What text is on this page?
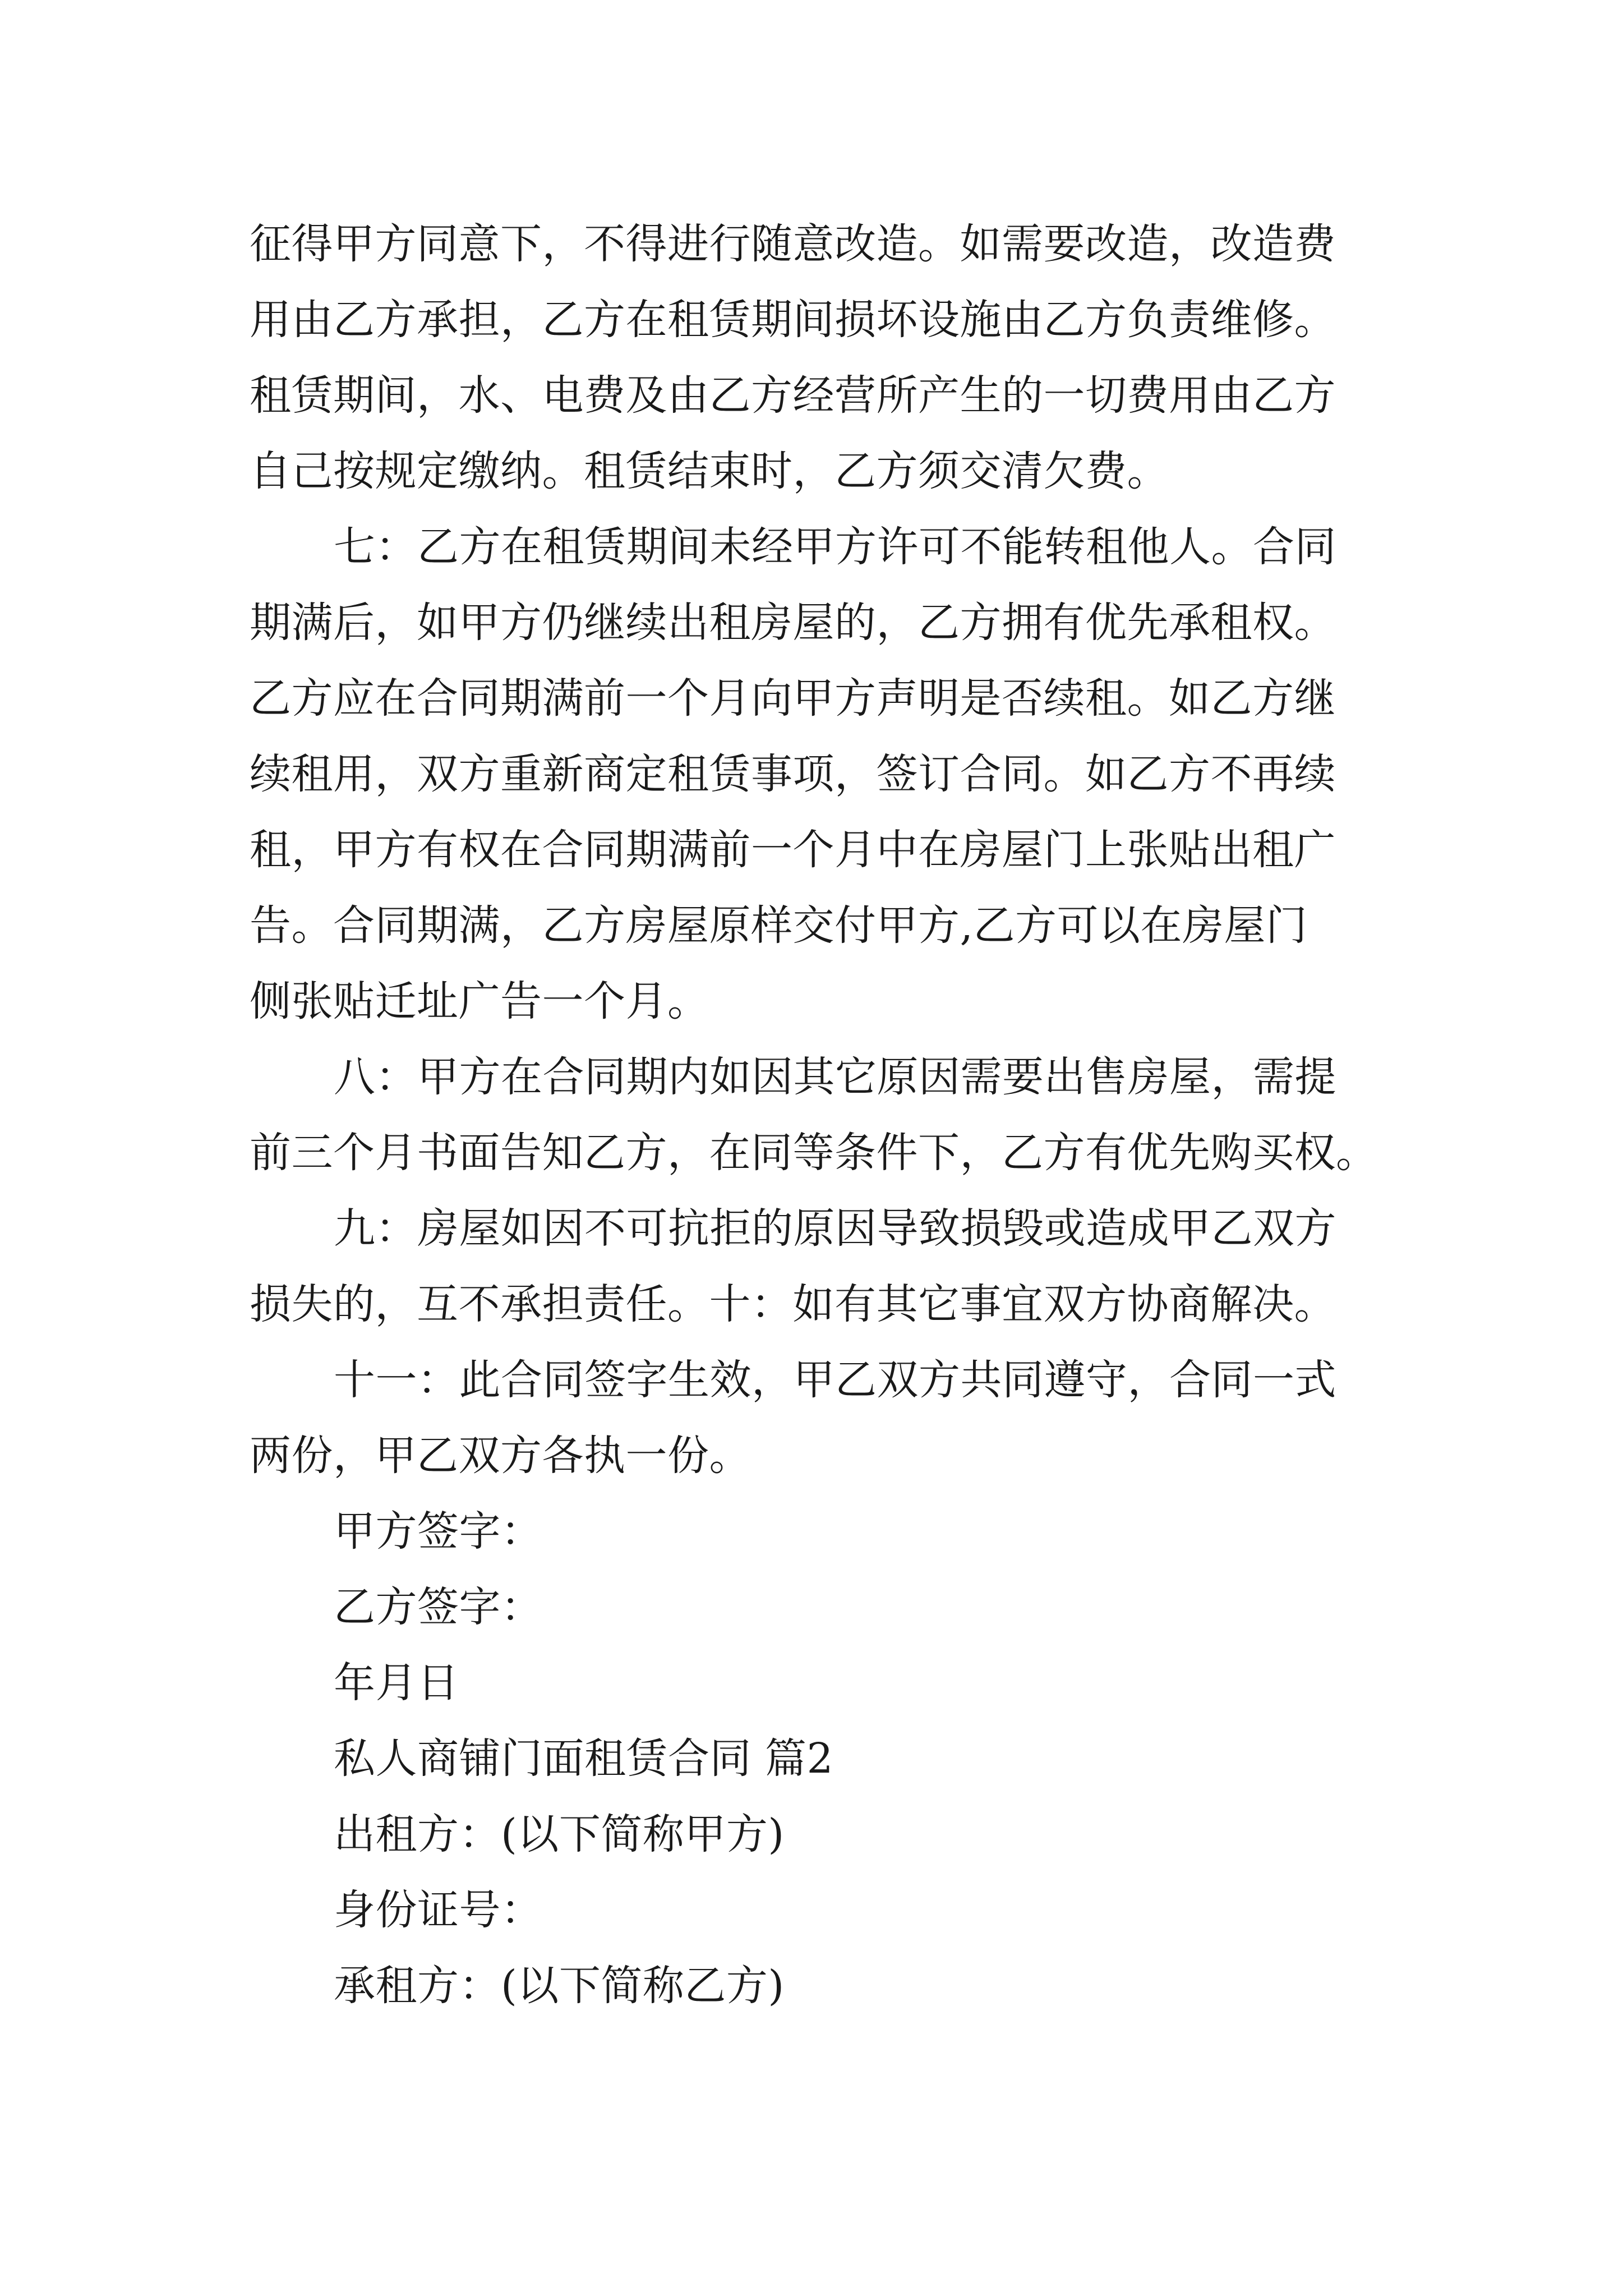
征得甲方同意下，不得进行随意改造。如需要改造，改造费
用由乙方承担，乙方在租赁期间损坏设施由乙方负责维修。
租赁期间，水、电费及由乙方经营所产生的一切费用由乙方
自己按规定缴纳。租赁结束时，乙方须交清欠费。
七：乙方在租赁期间未经甲方许可不能转租他人。合同
期满后，如甲方仍继续出租房屋的，乙方拥有优先承租权。
乙方应在合同期满前一个月向甲方声明是否续租。如乙方继
续租用，双方重新商定租赁事项，签订合同。如乙方不再续
租，甲方有权在合同期满前一个月中在房屋门上张贴出租广
告。合同期满，乙方房屋原样交付甲方,乙方可以在房屋门
侧张贴迁址广告一个月。
八：甲方在合同期内如因其它原因需要出售房屋，需提
前三个月书面告知乙方，在同等条件下，乙方有优先购买权。
九：房屋如因不可抗拒的原因导致损毁或造成甲乙双方
损失的，互不承担责任。十：如有其它事宜双方协商解决。
十一：此合同签字生效，甲乙双方共同遵守，合同一式
两份，甲乙双方各执一份。
甲方签字：
乙方签字：
年月日
私人商铺门面租赁合同 篇2
出租方：(以下简称甲方)
身份证号：
承租方：(以下简称乙方)
